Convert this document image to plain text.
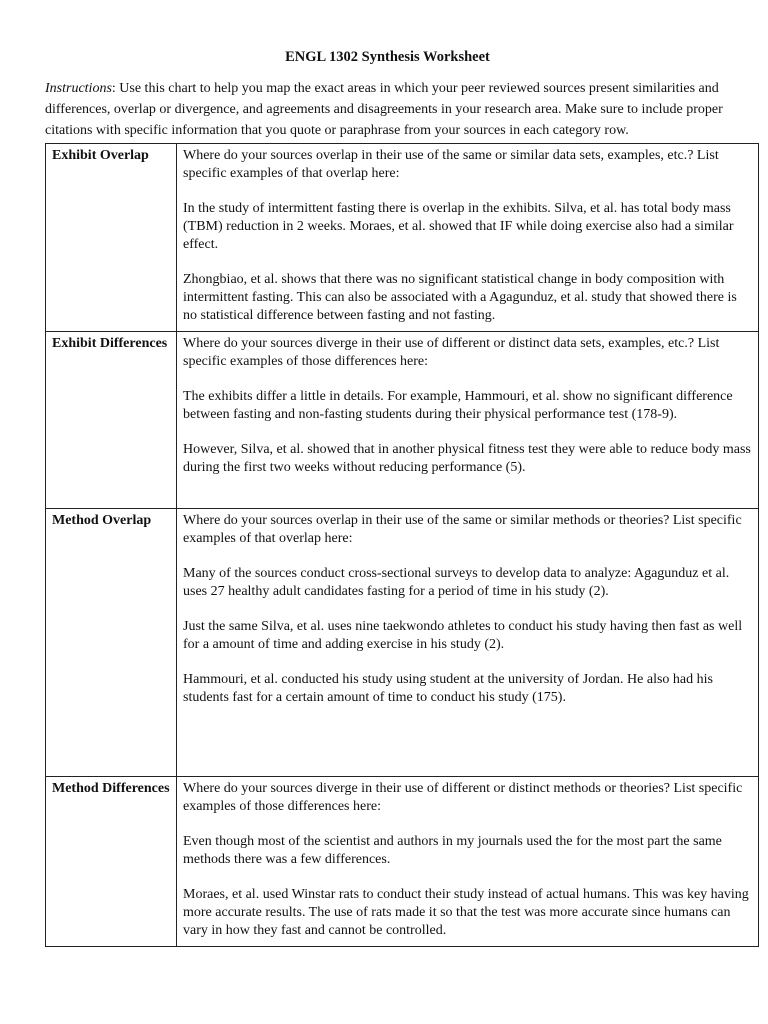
ENGL 1302 Synthesis Worksheet

Instructions: Use this chart to help you map the exact areas in which your peer reviewed sources present similarities and differences, overlap or divergence, and agreements and disagreements in your research area. Make sure to include proper citations with specific information that you quote or paraphrase from your sources in each category row.

Exhibit Overlap	Where do your sources overlap in their use of the same or similar data sets, examples, etc.? List specific examples of that overlap here:

In the study of intermittent fasting there is overlap in the exhibits. Silva, et al. has total body mass (TBM) reduction in 2 weeks. Moraes, et al. showed that IF while doing exercise also had a similar effect.

Zhongbiao, et al. shows that there was no significant statistical change in body composition with intermittent fasting. This can also be associated with a Agagunduz, et al. study that showed there is no statistical difference between fasting and not fasting.

Exhibit Differences	Where do your sources diverge in their use of different or distinct data sets, examples, etc.? List specific examples of those differences here:

The exhibits differ a little in details. For example, Hammouri, et al. show no significant difference between fasting and non-fasting students during their physical performance test (178-9).

However, Silva, et al. showed that in another physical fitness test they were able to reduce body mass during the first two weeks without reducing performance (5).

Method Overlap	Where do your sources overlap in their use of the same or similar methods or theories? List specific examples of that overlap here:

Many of the sources conduct cross-sectional surveys to develop data to analyze: Agagunduz et al. uses 27 healthy adult candidates fasting for a period of time in his study (2).

Just the same Silva, et al. uses nine taekwondo athletes to conduct his study having then fast as well for a amount of time and adding exercise in his study (2).

Hammouri, et al. conducted his study using student at the university of Jordan. He also had his students fast for a certain amount of time to conduct his study (175).

Method Differences	Where do your sources diverge in their use of different or distinct methods or theories? List specific examples of those differences here:

Even though most of the scientist and authors in my journals used the for the most part the same methods there was a few differences.

Moraes, et al. used Winstar rats to conduct their study instead of actual humans. This was key having more accurate results. The use of rats made it so that the test was more accurate since humans can vary in how they fast and cannot be controlled.
